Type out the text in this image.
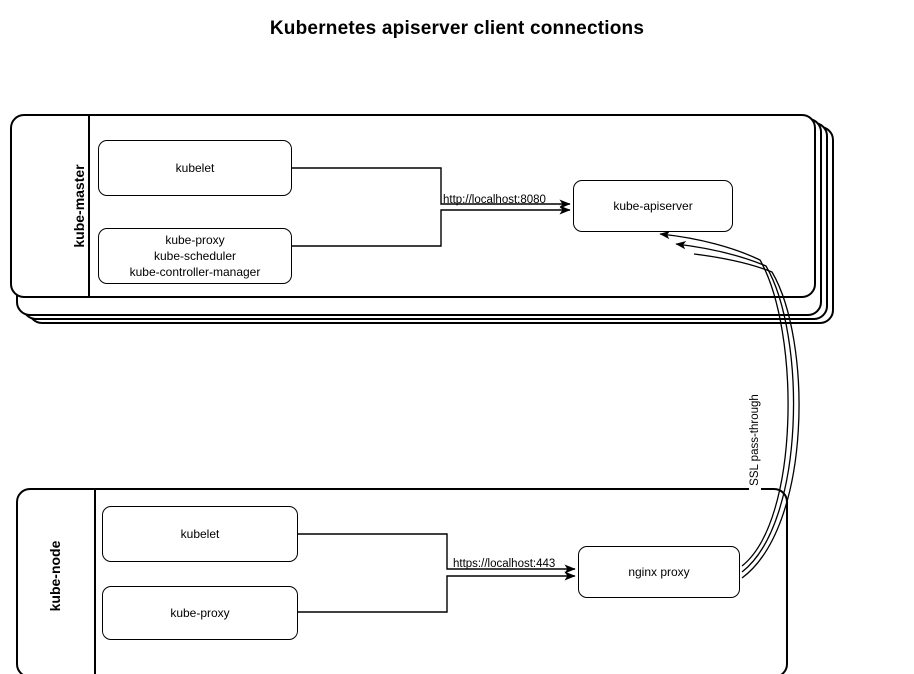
Kubernetes apiserver client connections
kube-master	kubelet
kube-proxy
kube-scheduler
kube-controller-manager
kube-apiserver
http://localhost:8080
kube-node
kubelet
kube-proxy
nginx proxy
https://localhost:443
SSL pass-through
